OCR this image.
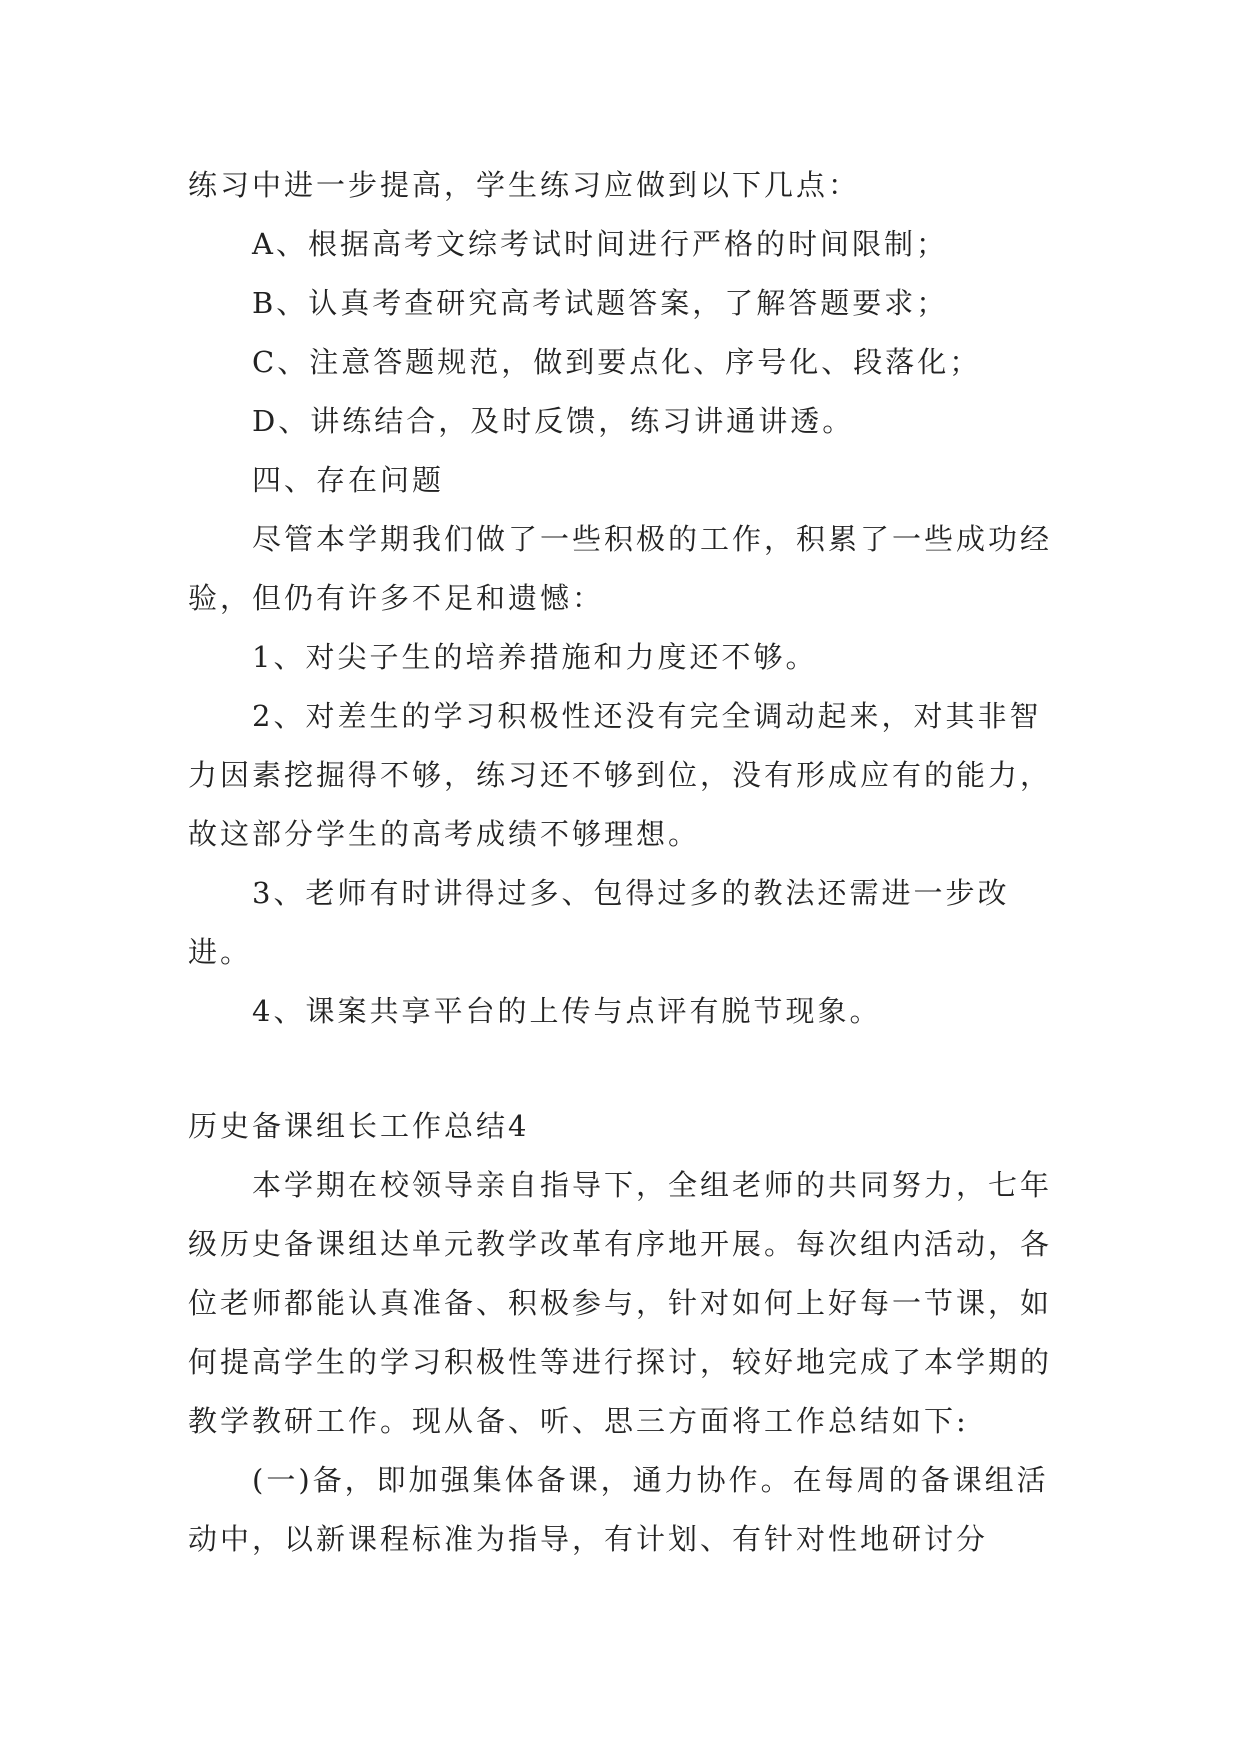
练习中进一步提高，学生练习应做到以下几点：

A、根据高考文综考试时间进行严格的时间限制；

B、认真考查研究高考试题答案，了解答题要求；

C、注意答题规范，做到要点化、序号化、段落化；

D、讲练结合，及时反馈，练习讲通讲透。

四、存在问题

尽管本学期我们做了一些积极的工作，积累了一些成功经验，但仍有许多不足和遗憾：

1、对尖子生的培养措施和力度还不够。

2、对差生的学习积极性还没有完全调动起来，对其非智力因素挖掘得不够，练习还不够到位，没有形成应有的能力，故这部分学生的高考成绩不够理想。

3、老师有时讲得过多、包得过多的教法还需进一步改进。

4、课案共享平台的上传与点评有脱节现象。

历史备课组长工作总结4

本学期在校领导亲自指导下，全组老师的共同努力，七年级历史备课组达单元教学改革有序地开展。每次组内活动，各位老师都能认真准备、积极参与，针对如何上好每一节课，如何提高学生的学习积极性等进行探讨，较好地完成了本学期的教学教研工作。现从备、听、思三方面将工作总结如下:

(一)备，即加强集体备课，通力协作。在每周的备课组活动中，以新课程标准为指导，有计划、有针对性地研讨分
